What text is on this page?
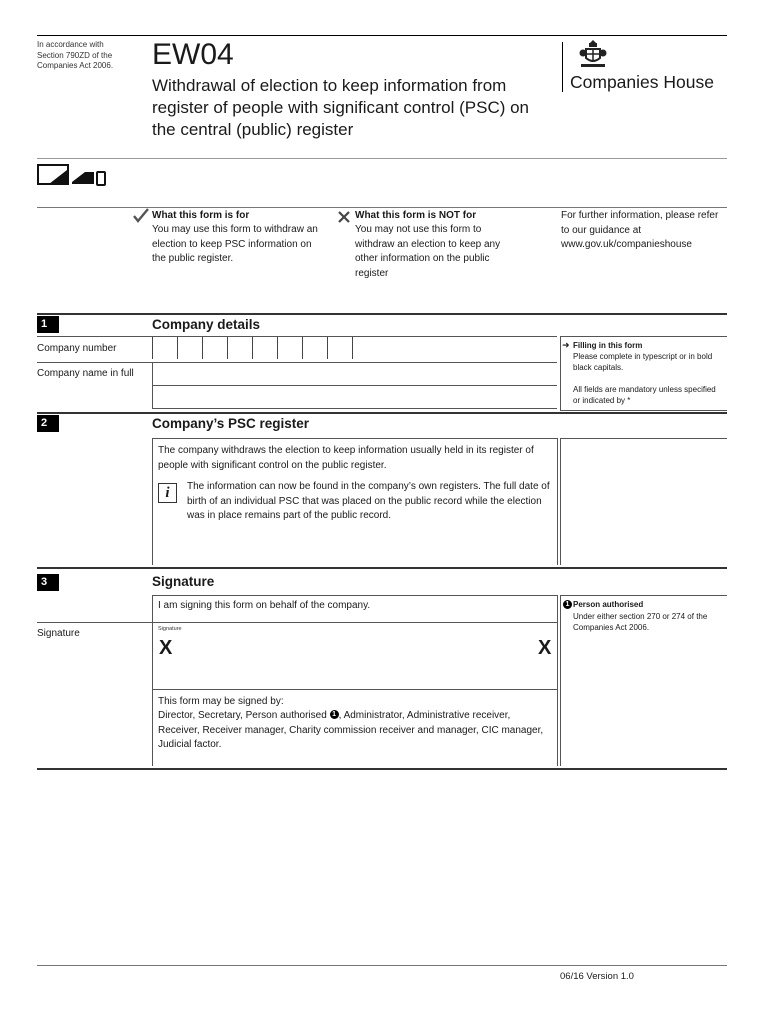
In accordance with Section 790ZD of the Companies Act 2006.	EW04
Withdrawal of election to keep information from register of people with significant control (PSC) on the central (public) register
Companies House
What this form is for
You may use this form to withdraw an election to keep PSC information on the public register.
What this form is NOT for
You may not use this form to withdraw an election to keep any other information on the public register
For further information, please refer to our guidance at www.gov.uk/companieshouse
1	Company details
Company number
Company name in full
➜ Filling in this form
Please complete in typescript or in bold black capitals.
All fields are mandatory unless specified or indicated by *
2	Company’s PSC register
The company withdraws the election to keep information usually held in its register of people with significant control on the public register.
i	The information can now be found in the company’s own registers. The full date of birth of an individual PSC that was placed on the public record while the election was in place remains part of the public record.
3	Signature
I am signing this form on behalf of the company.
Signature	Signature
X	X
This form may be signed by:
Director, Secretary, Person authorised 1 , Administrator, Administrative receiver, Receiver, Receiver manager, Charity commission receiver and manager, CIC manager, Judicial factor.
1 Person authorised
Under either section 270 or 274 of the Companies Act 2006.
06/16 Version 1.0
